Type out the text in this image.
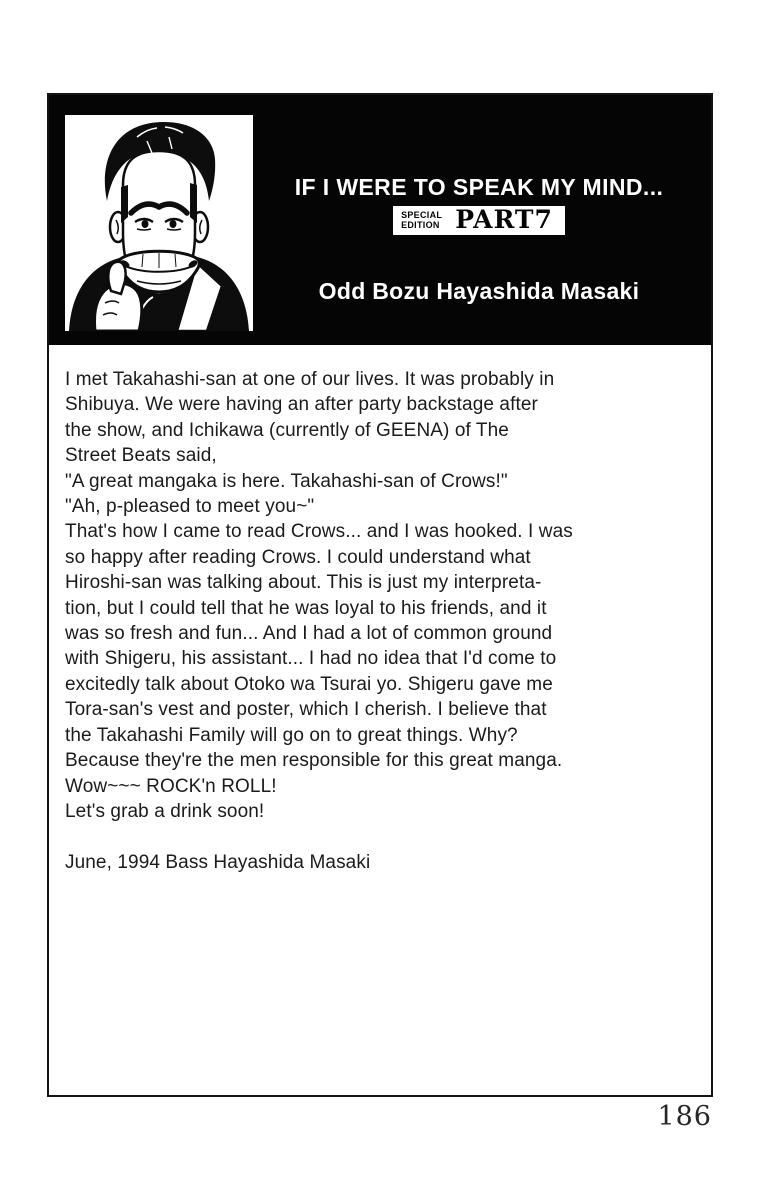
IF I WERE TO SPEAK MY MIND...
SPECIAL
EDITION PART7
Odd Bozu Hayashida Masaki
I met Takahashi-san at one of our lives. It was probably in
Shibuya. We were having an after party backstage after
the show, and Ichikawa (currently of GEENA) of The
Street Beats said,
"A great mangaka is here. Takahashi-san of Crows!"
"Ah, p-pleased to meet you~"
That's how I came to read Crows... and I was hooked. I was
so happy after reading Crows. I could understand what
Hiroshi-san was talking about. This is just my interpreta-
tion, but I could tell that he was loyal to his friends, and it
was so fresh and fun... And I had a lot of common ground
with Shigeru, his assistant... I had no idea that I'd come to
excitedly talk about Otoko wa Tsurai yo. Shigeru gave me
Tora-san's vest and poster, which I cherish. I believe that
the Takahashi Family will go on to great things. Why?
Because they're the men responsible for this great manga.
Wow~~~ ROCK'n ROLL!
Let's grab a drink soon!

June, 1994 Bass Hayashida Masaki
186
